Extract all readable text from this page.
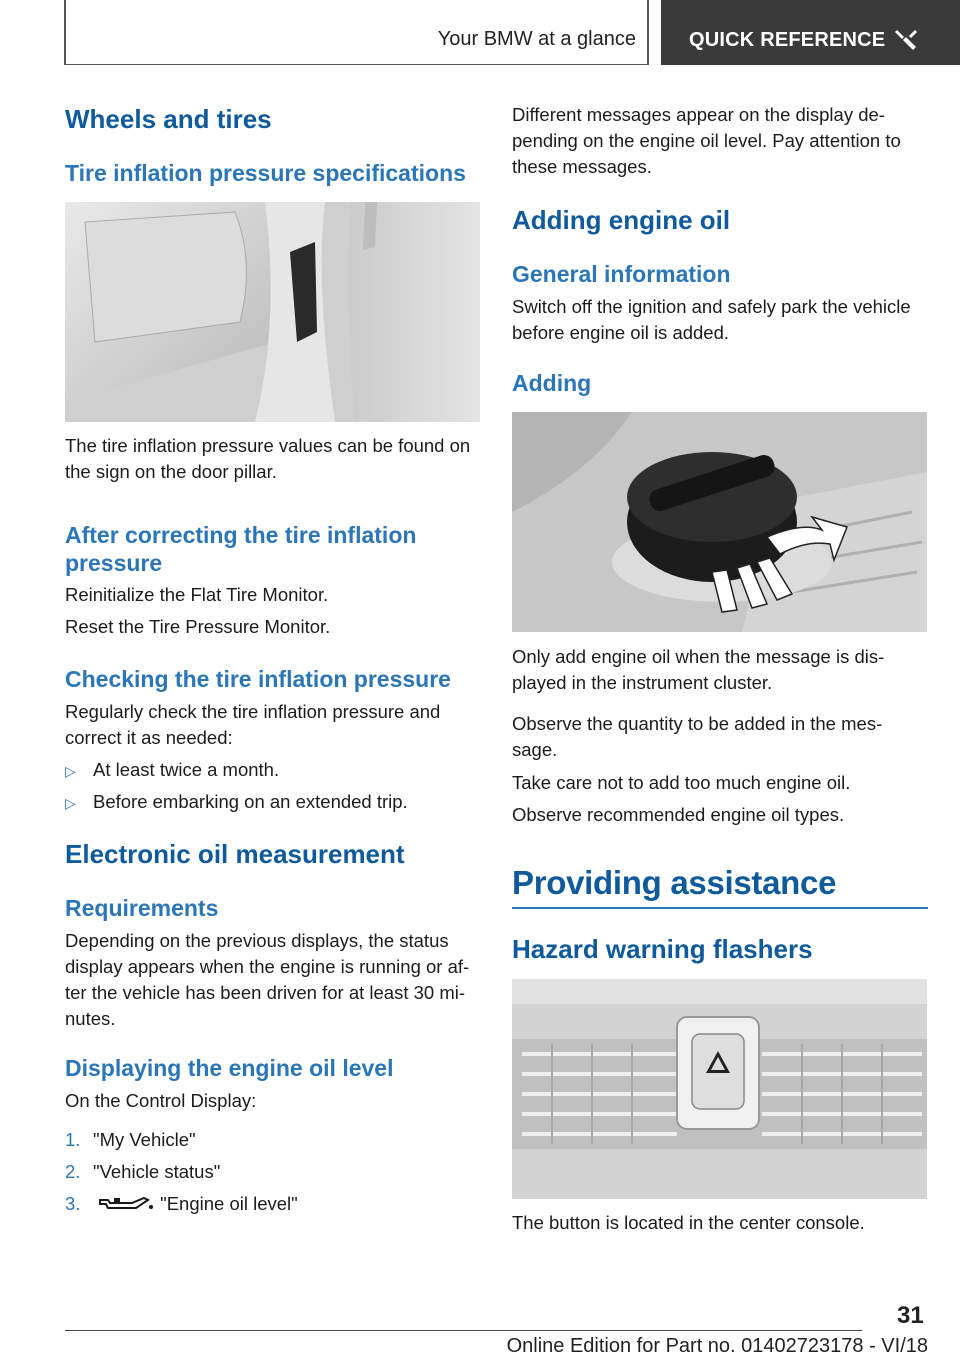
Your BMW at a glance	QUICK REFERENCE
Wheels and tires
Tire inflation pressure specifications
The tire inflation pressure values can be found on the sign on the door pillar.
After correcting the tire inflation pressure
Reinitialize the Flat Tire Monitor.
Reset the Tire Pressure Monitor.
Checking the tire inflation pressure
Regularly check the tire inflation pressure and correct it as needed:
▷ At least twice a month.
▷ Before embarking on an extended trip.
Electronic oil measurement
Requirements
Depending on the previous displays, the status display appears when the engine is running or af- ter the vehicle has been driven for at least 30 mi- nutes.
Displaying the engine oil level
On the Control Display:
1. "My Vehicle"
2. "Vehicle status"
3.	"Engine oil level"
Different messages appear on the display de- pending on the engine oil level. Pay attention to these messages.
Adding engine oil
General information
Switch off the ignition and safely park the vehicle before engine oil is added.
Adding
Only add engine oil when the message is dis- played in the instrument cluster.
Observe the quantity to be added in the mes- sage.
Take care not to add too much engine oil.
Observe recommended engine oil types.
Providing assistance
Hazard warning flashers
The button is located in the center console.
31
Online Edition for Part no. 01402723178 - VI/18
